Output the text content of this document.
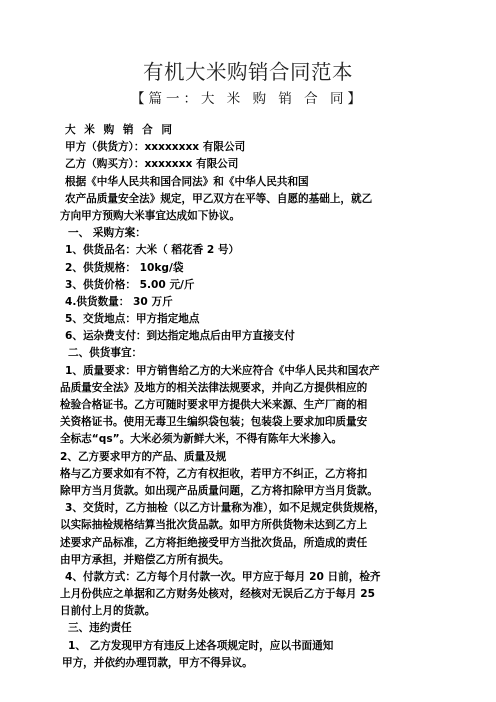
有机大米购销合同范本
【篇一：大 米 购 销 合 同】
大 米 购 销 合 同
甲方（供货方）：xxxxxxxx 有限公司
乙方（购买方）：xxxxxxx 有限公司
根据《中华人民共和国合同法》和《中华人民共和国
农产品质量安全法》规定，甲乙双方在平等、自愿的基础上，就乙
方向甲方预购大米事宜达成如下协议。
一、 采购方案：
1、供货品名：大米（ 稻花香 2 号）
2、供货规格： 10kg/袋
3、供货价格： 5.00 元/斤
4.供货数量： 30 万斤
5、交货地点：甲方指定地点
6、运杂费支付：到达指定地点后由甲方直接支付
二、供货事宜：
1、质量要求：甲方销售给乙方的大米应符合《中华人民共和国农产
品质量安全法》及地方的相关法律法规要求，并向乙方提供相应的
检验合格证书。乙方可随时要求甲方提供大米来源、生产厂商的相
关资格证书。使用无毒卫生编织袋包装；包装袋上要求加印质量安
全标志“qs”。大米必须为新鲜大米，不得有陈年大米掺入。
2、乙方要求甲方的产品、质量及规
格与乙方要求如有不符，乙方有权拒收，若甲方不纠正，乙方将扣
除甲方当月货款。如出现产品质量问题，乙方将扣除甲方当月货款。
3、交货时，乙方抽检（以乙方计量称为准），如不足规定供货规格，
以实际抽检规格结算当批次货品款。如甲方所供货物未达到乙方上
述要求产品标准，乙方将拒绝接受甲方当批次货品，所造成的责任
由甲方承担，并赔偿乙方所有损失。
4、付款方式：乙方每个月付款一次。甲方应于每月 20 日前，检齐
上月份供应之单据和乙方财务处核对，经核对无误后乙方于每月 25
日前付上月的货款。
三、违约责任
1、 乙方发现甲方有违反上述各项规定时，应以书面通知
甲方，并依约办理罚款，甲方不得异议。
